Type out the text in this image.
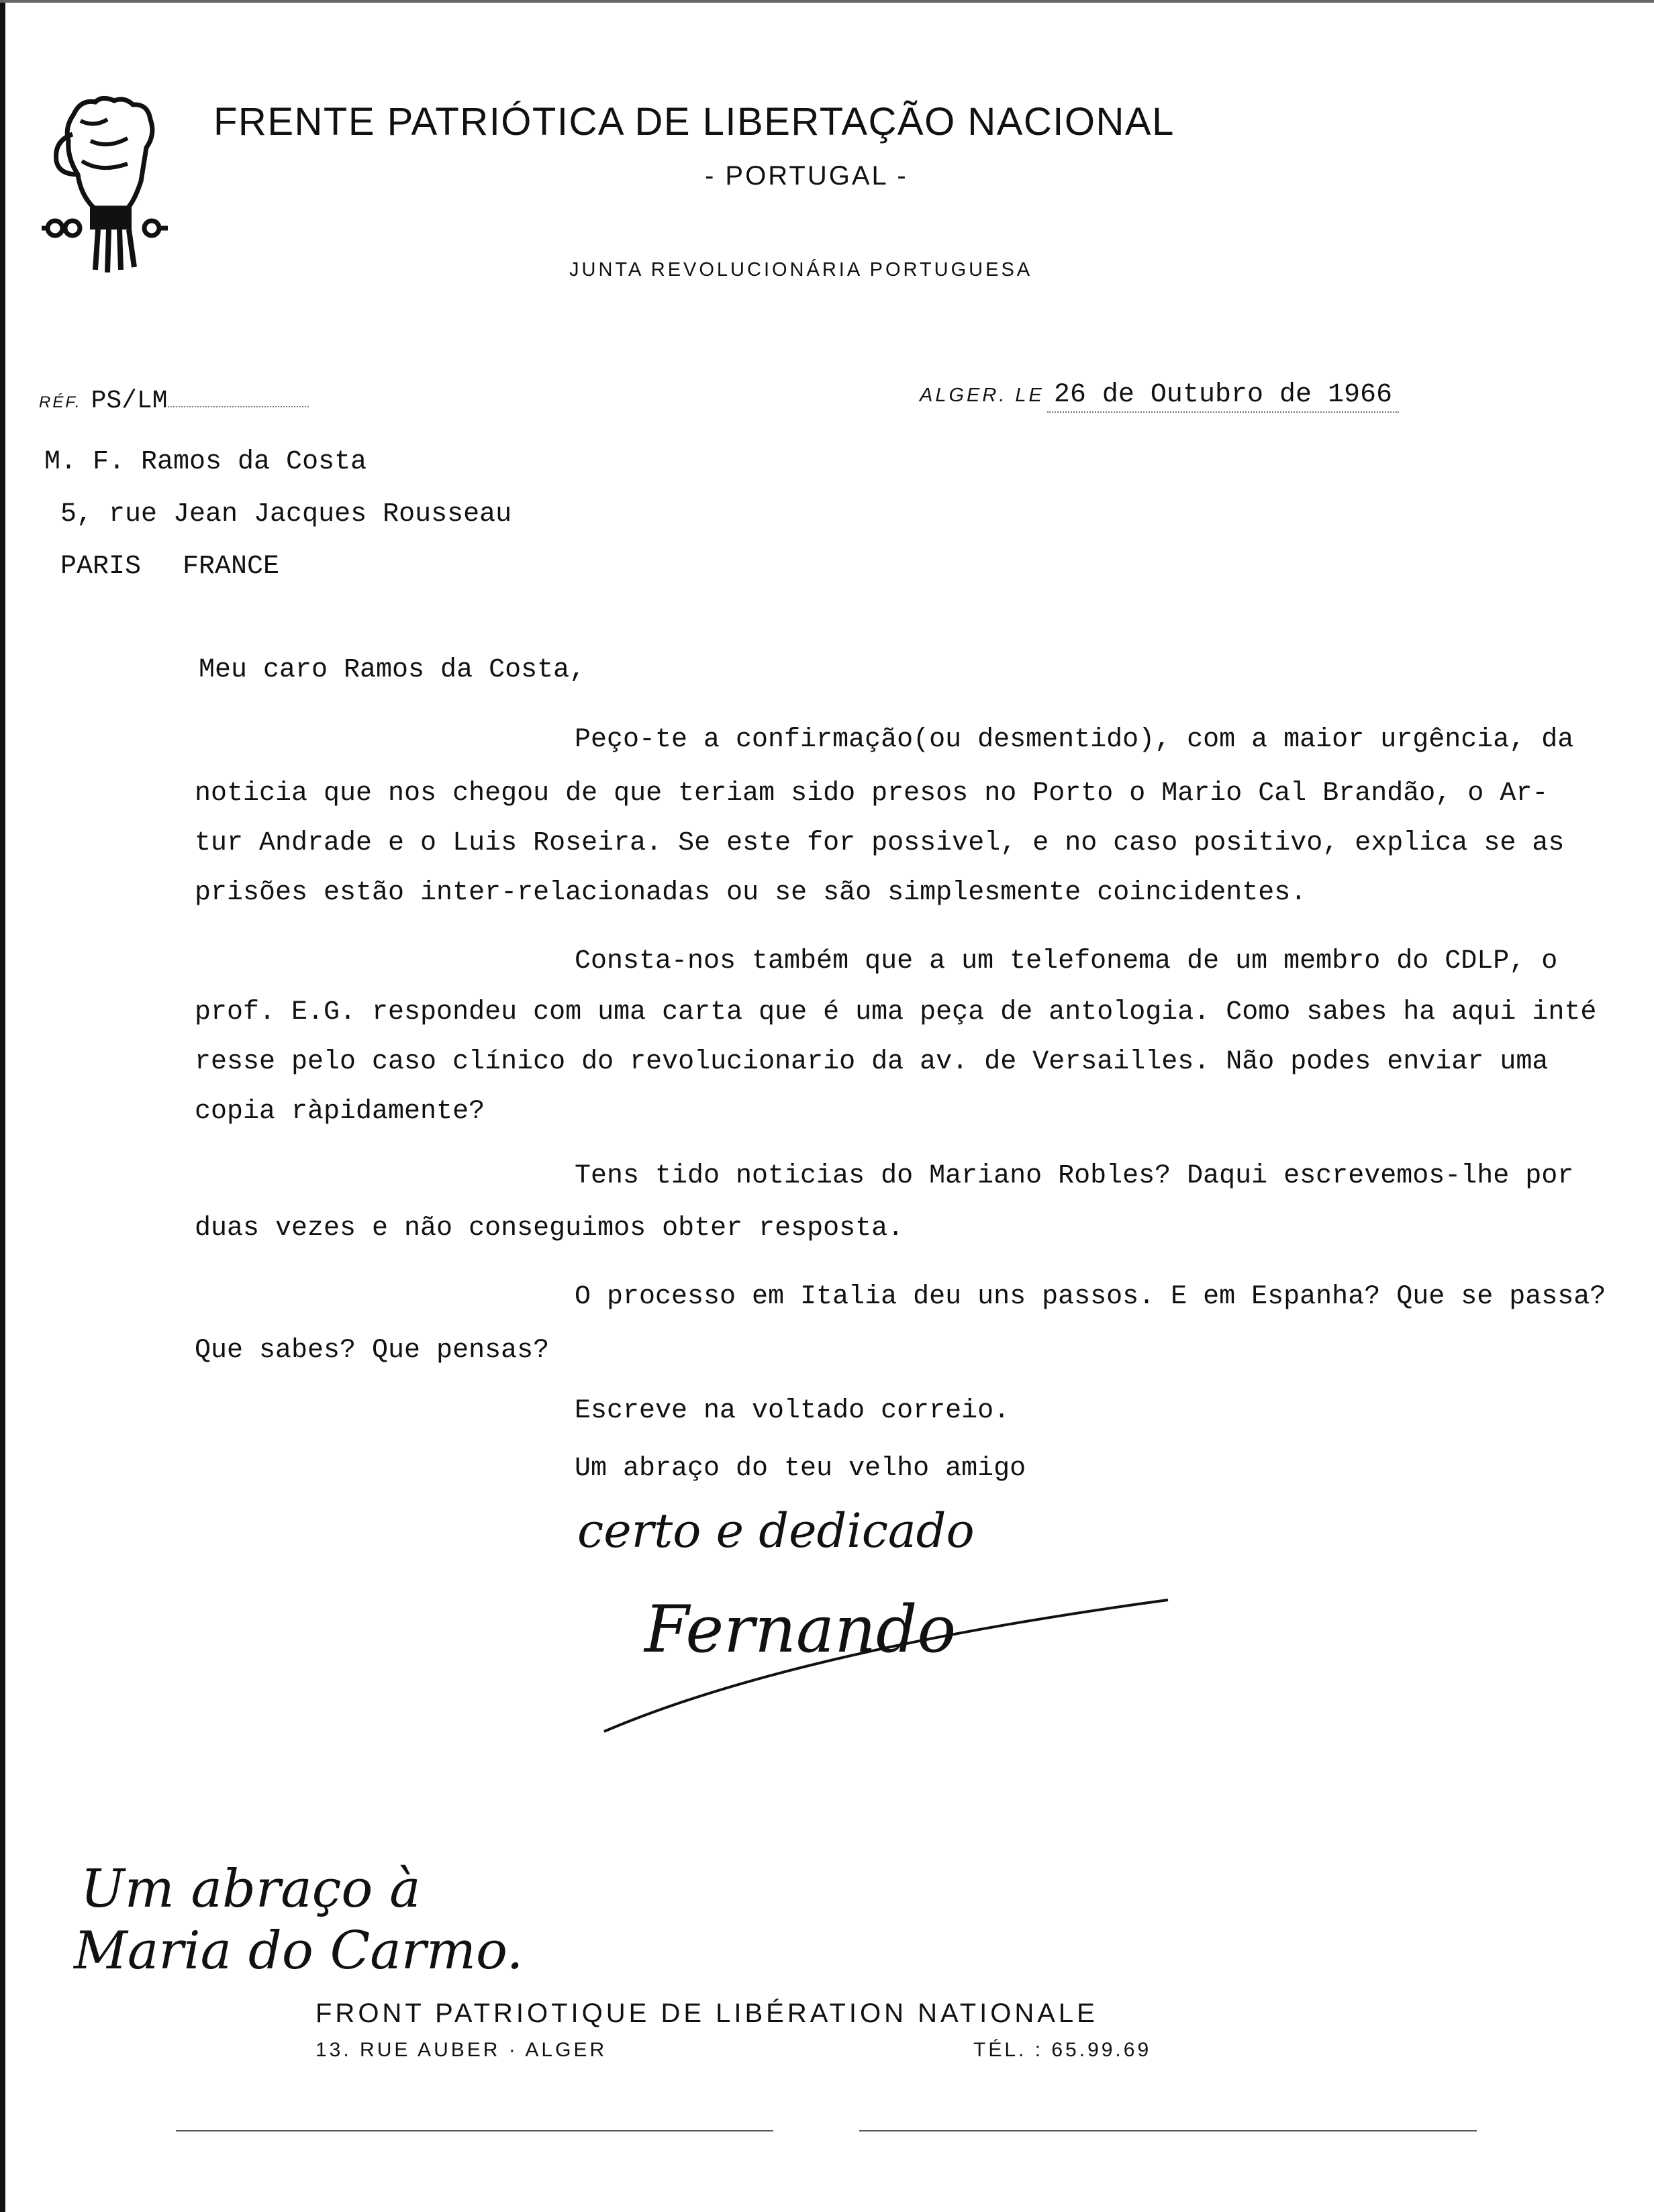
FRENTE PATRIÓTICA DE LIBERTAÇÃO NACIONAL
- PORTUGAL -
JUNTA REVOLUCIONÁRIA PORTUGUESA
RÉF. PS/LM	ALGER. LE 26 de Outubro de 1966
M. F. Ramos da Costa
5, rue Jean Jacques Rousseau
PARIS FRANCE
Meu caro Ramos da Costa,
Peço-te a confirmação(ou desmentido), com a maior urgência, da
noticia que nos chegou de que teriam sido presos no Porto o Mario Cal Brandão, o Ar-
tur Andrade e o Luis Roseira. Se este for possivel, e no caso positivo, explica se as
prisões estão inter-relacionadas ou se são simplesmente coincidentes.
Consta-nos também que a um telefonema de um membro do CDLP, o
prof. E.G. respondeu com uma carta que é uma peça de antologia. Como sabes ha aqui inté
resse pelo caso clínico do revolucionario da av. de Versailles. Não podes enviar uma
copia ràpidamente?
Tens tido noticias do Mariano Robles? Daqui escrevemos-lhe por
duas vezes e não conseguimos obter resposta.
O processo em Italia deu uns passos. E em Espanha? Que se passa?
Que sabes? Que pensas?
Escreve na voltado correio.
Um abraço do teu velho amigo
certo e dedicado
Fernando
Um abraço à
Maria do Carmo.
FRONT PATRIOTIQUE DE LIBÉRATION NATIONALE
13. RUE AUBER · ALGER	TÉL. : 65.99.69
